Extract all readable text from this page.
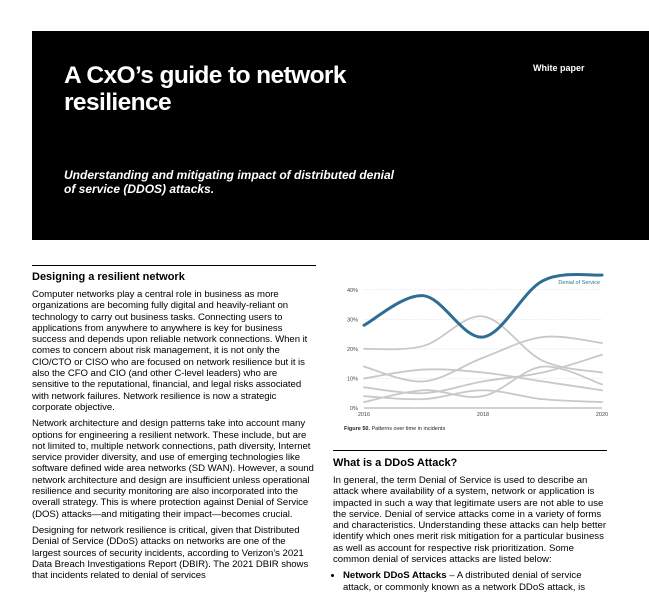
A CxO’s guide to network resilience
White paper

Understanding and mitigating impact of distributed denial of service (DDOS) attacks.

Designing a resilient network

Computer networks play a central role in business as more organizations are becoming fully digital and heavily-reliant on technology to carry out business tasks. Connecting users to applications from anywhere to anywhere is key for business success and depends upon reliable network connections. When it comes to concern about risk management, it is not only the CIO/CTO or CISO who are focused on network resilience but it is also the CFO and CIO (and other C-level leaders) who are sensitive to the reputational, financial, and legal risks associated with network failures. Network resilience is now a strategic corporate objective.

Network architecture and design patterns take into account many options for engineering a resilient network. These include, but are not limited to, multiple network connections, path diversity, Internet service provider diversity, and use of emerging technologies like software defined wide area networks (SD WAN). However, a sound network architecture and design are insufficient unless operational resilience and security monitoring are also incorporated into the overall strategy. This is where protection against Denial of Service (DOS) attacks—and mitigating their impact—becomes crucial.

Designing for network resilience is critical, given that Distributed Denial of Service (DDoS) attacks on networks are one of the largest sources of security incidents, according to Verizon’s 2021 Data Breach Investigations Report (DBIR). The 2021 DBIR shows that incidents related to denial of services

0%
10%
20%
30%
40%
2016	2018	2020
Denial of Service
Figure 50. Patterns over time in incidents
What is a DDoS Attack?

In general, the term Denial of Service is used to describe an attack where availability of a system, network or application is impacted in such a way that legitimate users are not able to use the service. Denial of service attacks come in a variety of forms and characteristics. Understanding these attacks can help better identify which ones merit risk mitigation for a particular business as well as account for respective risk prioritization. Some common denial of services attacks are listed below:

• Network DDoS Attacks – A distributed denial of service attack, or commonly known as a network DDoS attack, is
